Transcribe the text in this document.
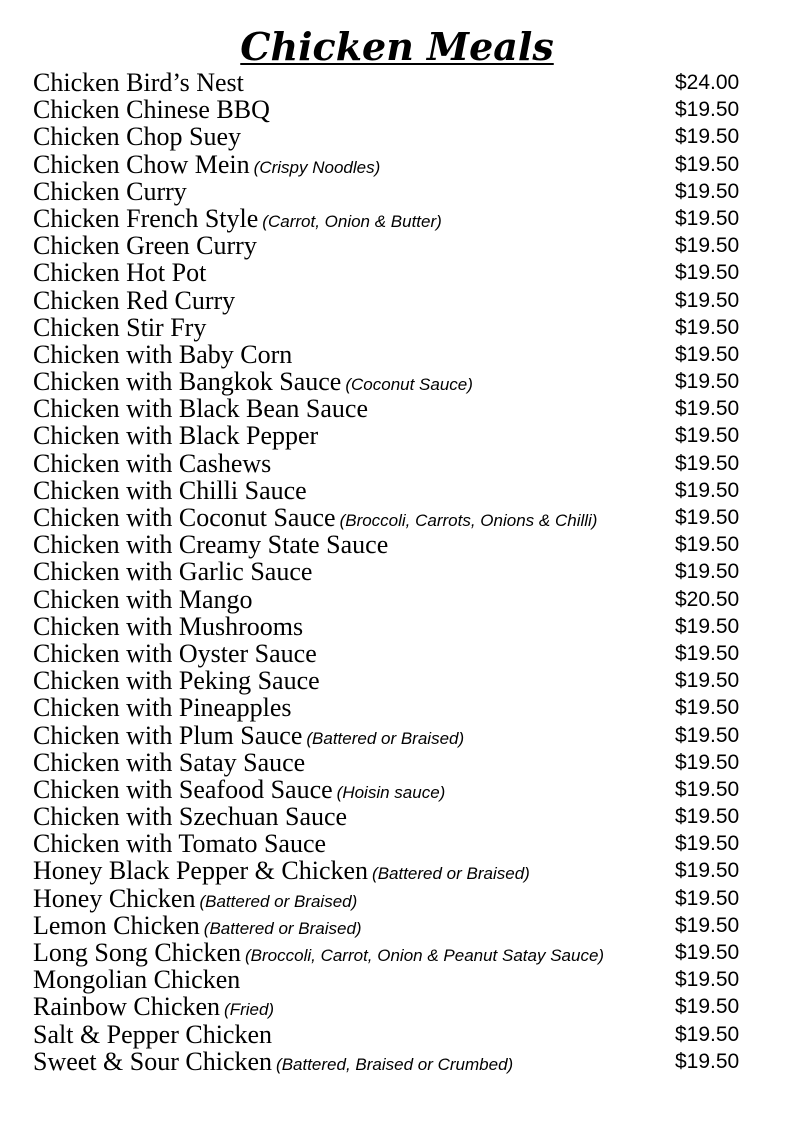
Chicken Meals
Chicken Bird’s Nest	$24.00
Chicken Chinese BBQ	$19.50
Chicken Chop Suey	$19.50
Chicken Chow Mein (Crispy Noodles)	$19.50
Chicken Curry	$19.50
Chicken French Style (Carrot, Onion & Butter)	$19.50
Chicken Green Curry	$19.50
Chicken Hot Pot	$19.50
Chicken Red Curry	$19.50
Chicken Stir Fry	$19.50
Chicken with Baby Corn	$19.50
Chicken with Bangkok Sauce (Coconut Sauce)	$19.50
Chicken with Black Bean Sauce	$19.50
Chicken with Black Pepper	$19.50
Chicken with Cashews	$19.50
Chicken with Chilli Sauce	$19.50
Chicken with Coconut Sauce (Broccoli, Carrots, Onions & Chilli)	$19.50
Chicken with Creamy State Sauce	$19.50
Chicken with Garlic Sauce	$19.50
Chicken with Mango	$20.50
Chicken with Mushrooms	$19.50
Chicken with Oyster Sauce	$19.50
Chicken with Peking Sauce	$19.50
Chicken with Pineapples	$19.50
Chicken with Plum Sauce (Battered or Braised)	$19.50
Chicken with Satay Sauce	$19.50
Chicken with Seafood Sauce (Hoisin sauce)	$19.50
Chicken with Szechuan Sauce	$19.50
Chicken with Tomato Sauce	$19.50
Honey Black Pepper & Chicken (Battered or Braised)	$19.50
Honey Chicken (Battered or Braised)	$19.50
Lemon Chicken (Battered or Braised)	$19.50
Long Song Chicken (Broccoli, Carrot, Onion & Peanut Satay Sauce)	$19.50
Mongolian Chicken	$19.50
Rainbow Chicken (Fried)	$19.50
Salt & Pepper Chicken	$19.50
Sweet & Sour Chicken (Battered, Braised or Crumbed)	$19.50
